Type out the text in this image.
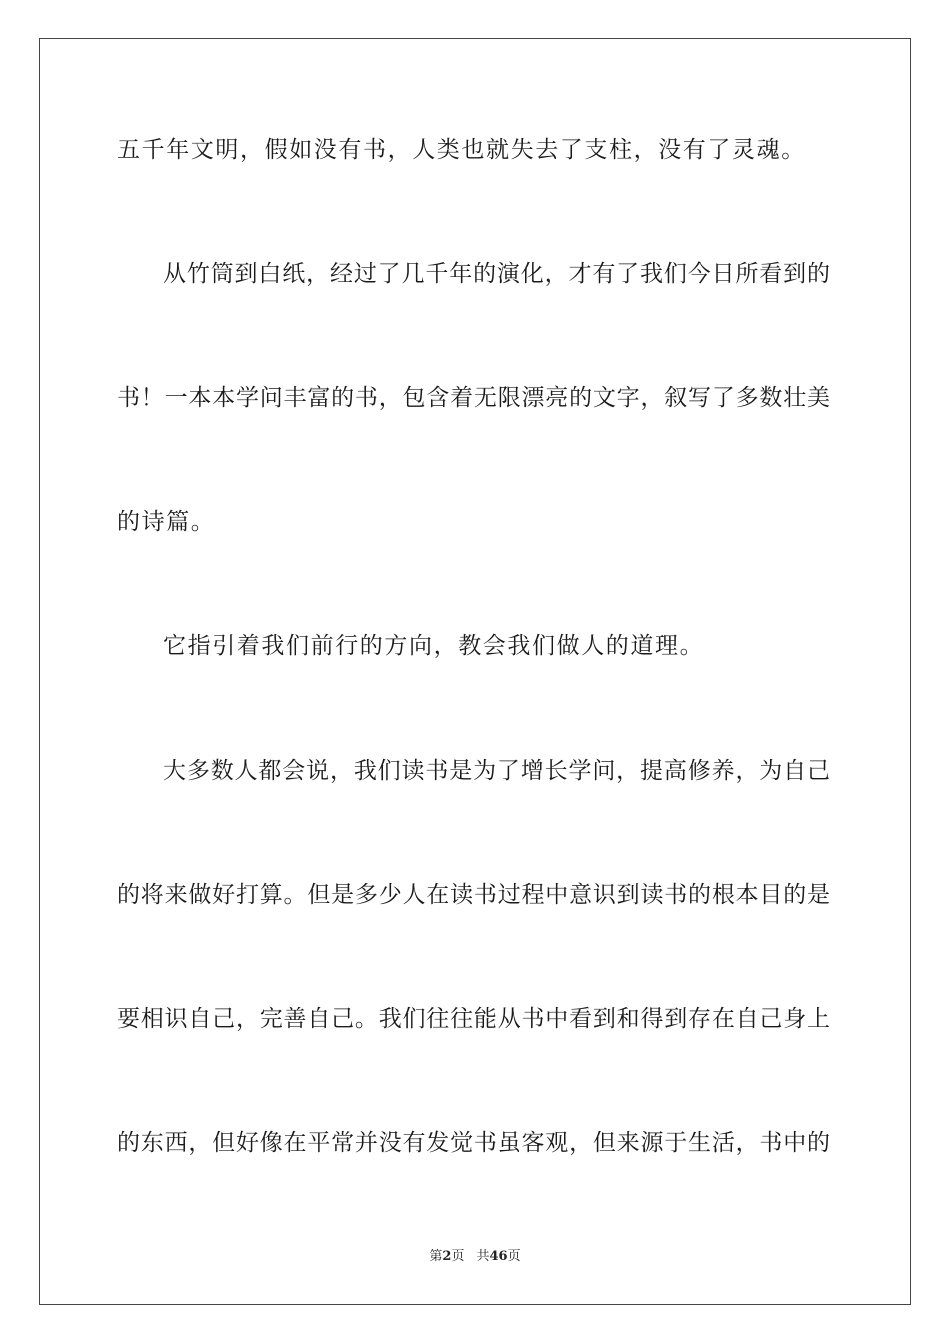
五千年文明，假如没有书，人类也就失去了支柱，没有了灵魂。
从竹筒到白纸，经过了几千年的演化，才有了我们今日所看到的
书！一本本学问丰富的书，包含着无限漂亮的文字，叙写了多数壮美
的诗篇。
它指引着我们前行的方向，教会我们做人的道理。
大多数人都会说，我们读书是为了增长学问，提高修养，为自己
的将来做好打算。但是多少人在读书过程中意识到读书的根本目的是
要相识自己，完善自己。我们往往能从书中看到和得到存在自己身上
的东西，但好像在平常并没有发觉书虽客观，但来源于生活，书中的
第2页 共46页
